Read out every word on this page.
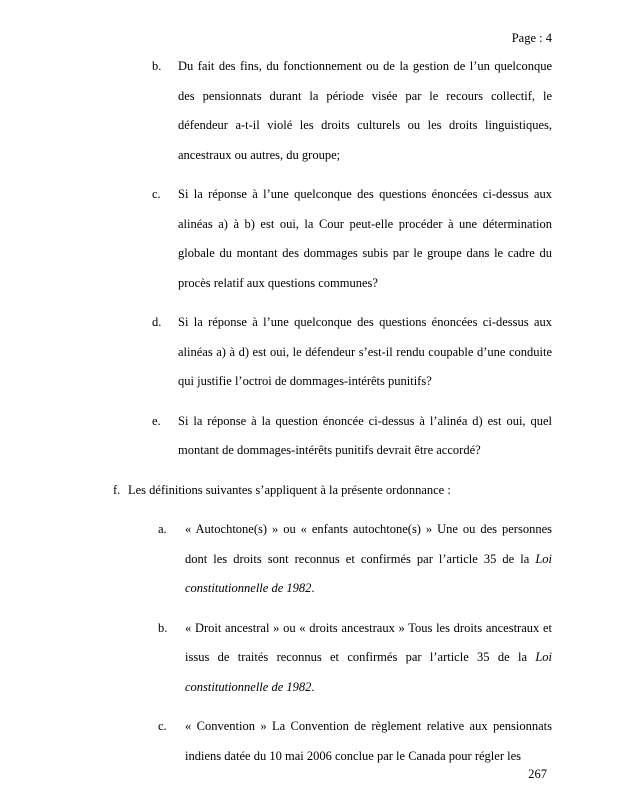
Page : 4
b.	Du fait des fins, du fonctionnement ou de la gestion de l’un quelconque des pensionnats durant la période visée par le recours collectif, le défendeur a-t-il violé les droits culturels ou les droits linguistiques, ancestraux ou autres, du groupe;
c.	Si la réponse à l’une quelconque des questions énoncées ci-dessus aux alinéas a) à b) est oui, la Cour peut-elle procéder à une détermination globale du montant des dommages subis par le groupe dans le cadre du procès relatif aux questions communes?
d.	Si la réponse à l’une quelconque des questions énoncées ci-dessus aux alinéas a) à d) est oui, le défendeur s’est-il rendu coupable d’une conduite qui justifie l’octroi de dommages-intérêts punitifs?
e.	Si la réponse à la question énoncée ci-dessus à l’alinéa d) est oui, quel montant de dommages-intérêts punitifs devrait être accordé?
f. Les définitions suivantes s’appliquent à la présente ordonnance :
a.	« Autochtone(s) » ou « enfants autochtone(s) » Une ou des personnes dont les droits sont reconnus et confirmés par l’article 35 de la Loi constitutionnelle de 1982.
b.	« Droit ancestral » ou « droits ancestraux » Tous les droits ancestraux et issus de traités reconnus et confirmés par l’article 35 de la Loi constitutionnelle de 1982.
c.	« Convention » La Convention de règlement relative aux pensionnats indiens datée du 10 mai 2006 conclue par le Canada pour régler les
267
